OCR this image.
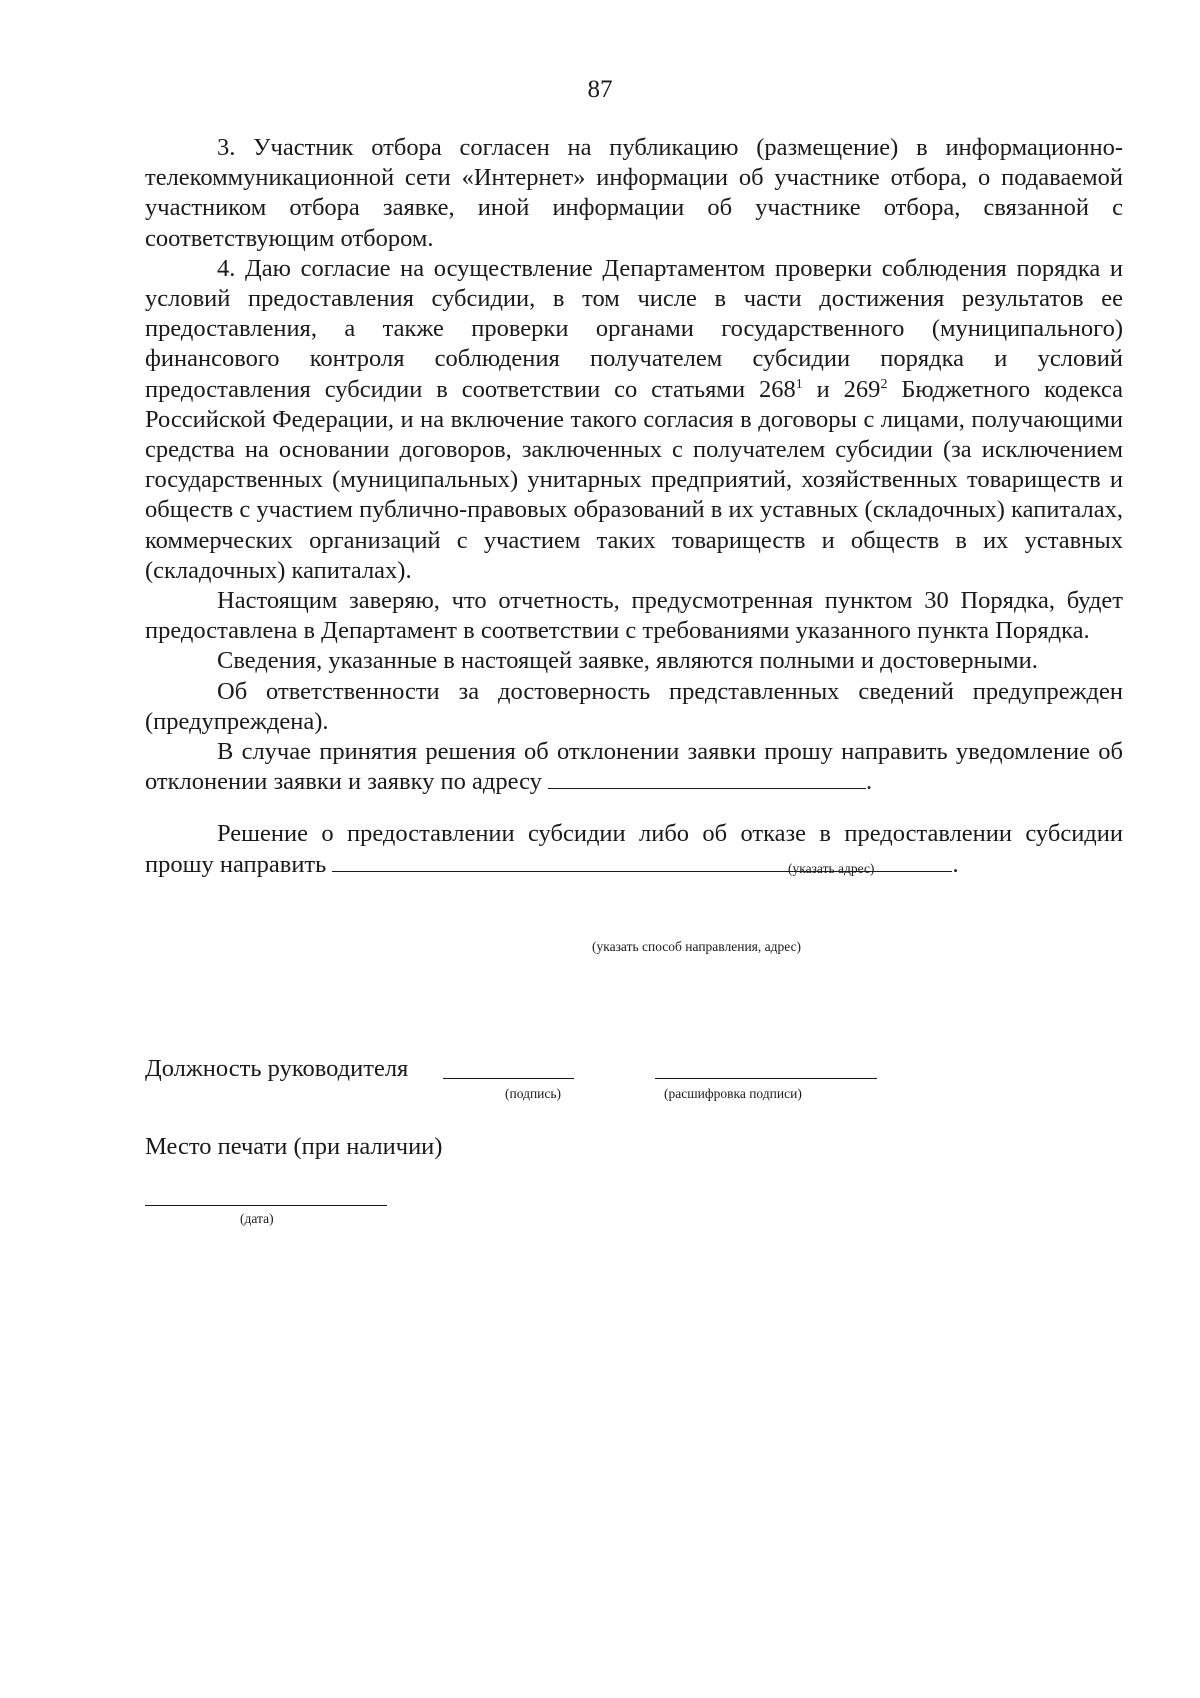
87

3. Участник отбора согласен на публикацию (размещение) в информационно-телекоммуникационной сети «Интернет» информации об участнике отбора, о подаваемой участником отбора заявке, иной информации об участнике отбора, связанной с соответствующим отбором.

4. Даю согласие на осуществление Департаментом проверки соблюдения порядка и условий предоставления субсидии, в том числе в части достижения результатов ее предоставления, а также проверки органами государственного (муниципального) финансового контроля соблюдения получателем субсидии порядка и условий предоставления субсидии в соответствии со статьями $268^1$ и $269^2$ Бюджетного кодекса Российской Федерации, и на включение такого согласия в договоры с лицами, получающими средства на основании договоров, заключенных с получателем субсидии (за исключением государственных (муниципальных) унитарных предприятий, хозяйственных товариществ и обществ с участием публично-правовых образований в их уставных (складочных) капиталах, коммерческих организаций с участием таких товариществ и обществ в их уставных (складочных) капиталах).

Настоящим заверяю, что отчетность, предусмотренная пунктом 30 Порядка, будет предоставлена в Департамент в соответствии с требованиями указанного пункта Порядка.

Сведения, указанные в настоящей заявке, являются полными и достоверными.

Об ответственности за достоверность представленных сведений предупрежден (предупреждена).

В случае принятия решения об отклонении заявки прошу направить уведомление об отклонении заявки и заявку по адресу	.

Решение о предоставлении субсидии либо об отказе в предоставлении субсидии прошу направить	.

(указать адрес)
(указать способ направления, адрес)
Должность руководителя
(подпись)	(расшифровка подписи)
Место печати (при наличии)
(дата)
